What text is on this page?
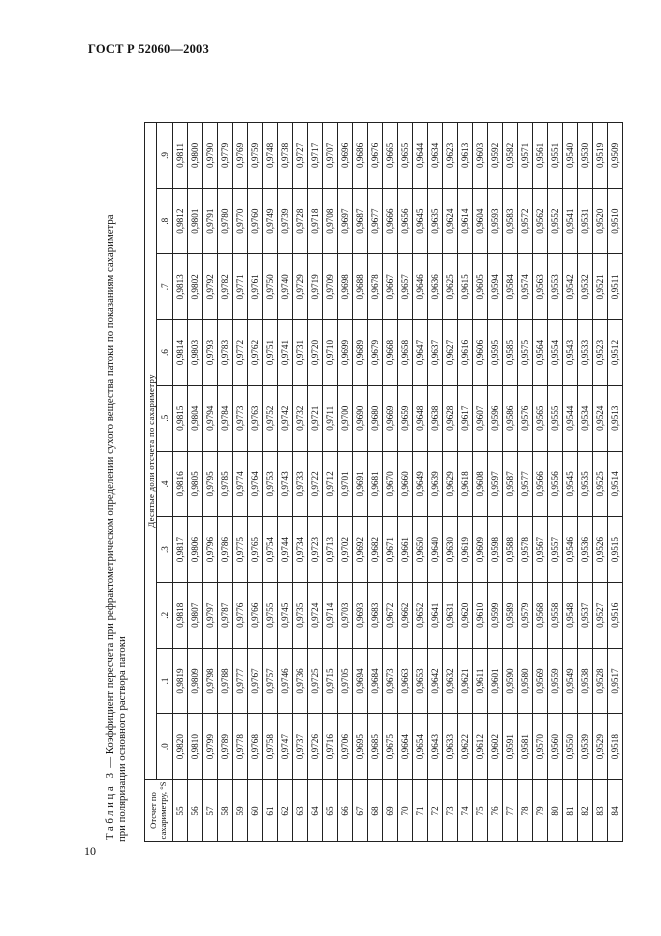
ГОСТ Р 52060—2003
Таблица 3 — Коэффициент пересчета при рефрактометрическом определении сухого вещества патоки по показаниям сахариметра при поляризации основного раствора патоки Отсчет по сахариметру, °S	Десятые доли отсчета по сахариметру									
	.0	.1	.2	.3	.4	.5	.6	.7	.8	.9
55	0,9820	0,9819	0,9818	0,9817	0,9816	0,9815	0,9814	0,9813	0,9812	0,9811
56	0,9810	0,9809	0,9807	0,9806	0,9805	0,9804	0,9803	0,9802	0,9801	0,9800
57	0,9799	0,9798	0,9797	0,9796	0,9795	0,9794	0,9793	0,9792	0,9791	0,9790
58	0,9789	0,9788	0,9787	0,9786	0,9785	0,9784	0,9783	0,9782	0,9780	0,9779
59	0,9778	0,9777	0,9776	0,9775	0,9774	0,9773	0,9772	0,9771	0,9770	0,9769
60	0,9768	0,9767	0,9766	0,9765	0,9764	0,9763	0,9762	0,9761	0,9760	0,9759
61	0,9758	0,9757	0,9755	0,9754	0,9753	0,9752	0,9751	0,9750	0,9749	0,9748
62	0,9747	0,9746	0,9745	0,9744	0,9743	0,9742	0,9741	0,9740	0,9739	0,9738
63	0,9737	0,9736	0,9735	0,9734	0,9733	0,9732	0,9731	0,9729	0,9728	0,9727
64	0,9726	0,9725	0,9724	0,9723	0,9722	0,9721	0,9720	0,9719	0,9718	0,9717
65	0,9716	0,9715	0,9714	0,9713	0,9712	0,9711	0,9710	0,9709	0,9708	0,9707
66	0,9706	0,9705	0,9703	0,9702	0,9701	0,9700	0,9699	0,9698	0,9697	0,9696
67	0,9695	0,9694	0,9693	0,9692	0,9691	0,9690	0,9689	0,9688	0,9687	0,9686
68	0,9685	0,9684	0,9683	0,9682	0,9681	0,9680	0,9679	0,9678	0,9677	0,9676
69	0,9675	0,9673	0,9672	0,9671	0,9670	0,9669	0,9668	0,9667	0,9666	0,9665
70	0,9664	0,9663	0,9662	0,9661	0,9660	0,9659	0,9658	0,9657	0,9656	0,9655
71	0,9654	0,9653	0,9652	0,9650	0,9649	0,9648	0,9647	0,9646	0,9645	0,9644
72	0,9643	0,9642	0,9641	0,9640	0,9639	0,9638	0,9637	0,9636	0,9635	0,9634
73	0,9633	0,9632	0,9631	0,9630	0,9629	0,9628	0,9627	0,9625	0,9624	0,9623
74	0,9622	0,9621	0,9620	0,9619	0,9618	0,9617	0,9616	0,9615	0,9614	0,9613
75	0,9612	0,9611	0,9610	0,9609	0,9608	0,9607	0,9606	0,9605	0,9604	0,9603
76	0,9602	0,9601	0,9599	0,9598	0,9597	0,9596	0,9595	0,9594	0,9593	0,9592
77	0,9591	0,9590	0,9589	0,9588	0,9587	0,9586	0,9585	0,9584	0,9583	0,9582
78	0,9581	0,9580	0,9579	0,9578	0,9577	0,9576	0,9575	0,9574	0,9572	0,9571
79	0,9570	0,9569	0,9568	0,9567	0,9566	0,9565	0,9564	0,9563	0,9562	0,9561
80	0,9560	0,9559	0,9558	0,9557	0,9556	0,9555	0,9554	0,9553	0,9552	0,9551
81	0,9550	0,9549	0,9548	0,9546	0,9545	0,9544	0,9543	0,9542	0,9541	0,9540
82	0,9539	0,9538	0,9537	0,9536	0,9535	0,9534	0,9533	0,9532	0,9531	0,9530
83	0,9529	0,9528	0,9527	0,9526	0,9525	0,9524	0,9523	0,9521	0,9520	0,9519
84	0,9518	0,9517	0,9516	0,9515	0,9514	0,9513	0,9512	0,9511	0,9510	0,9509
10
